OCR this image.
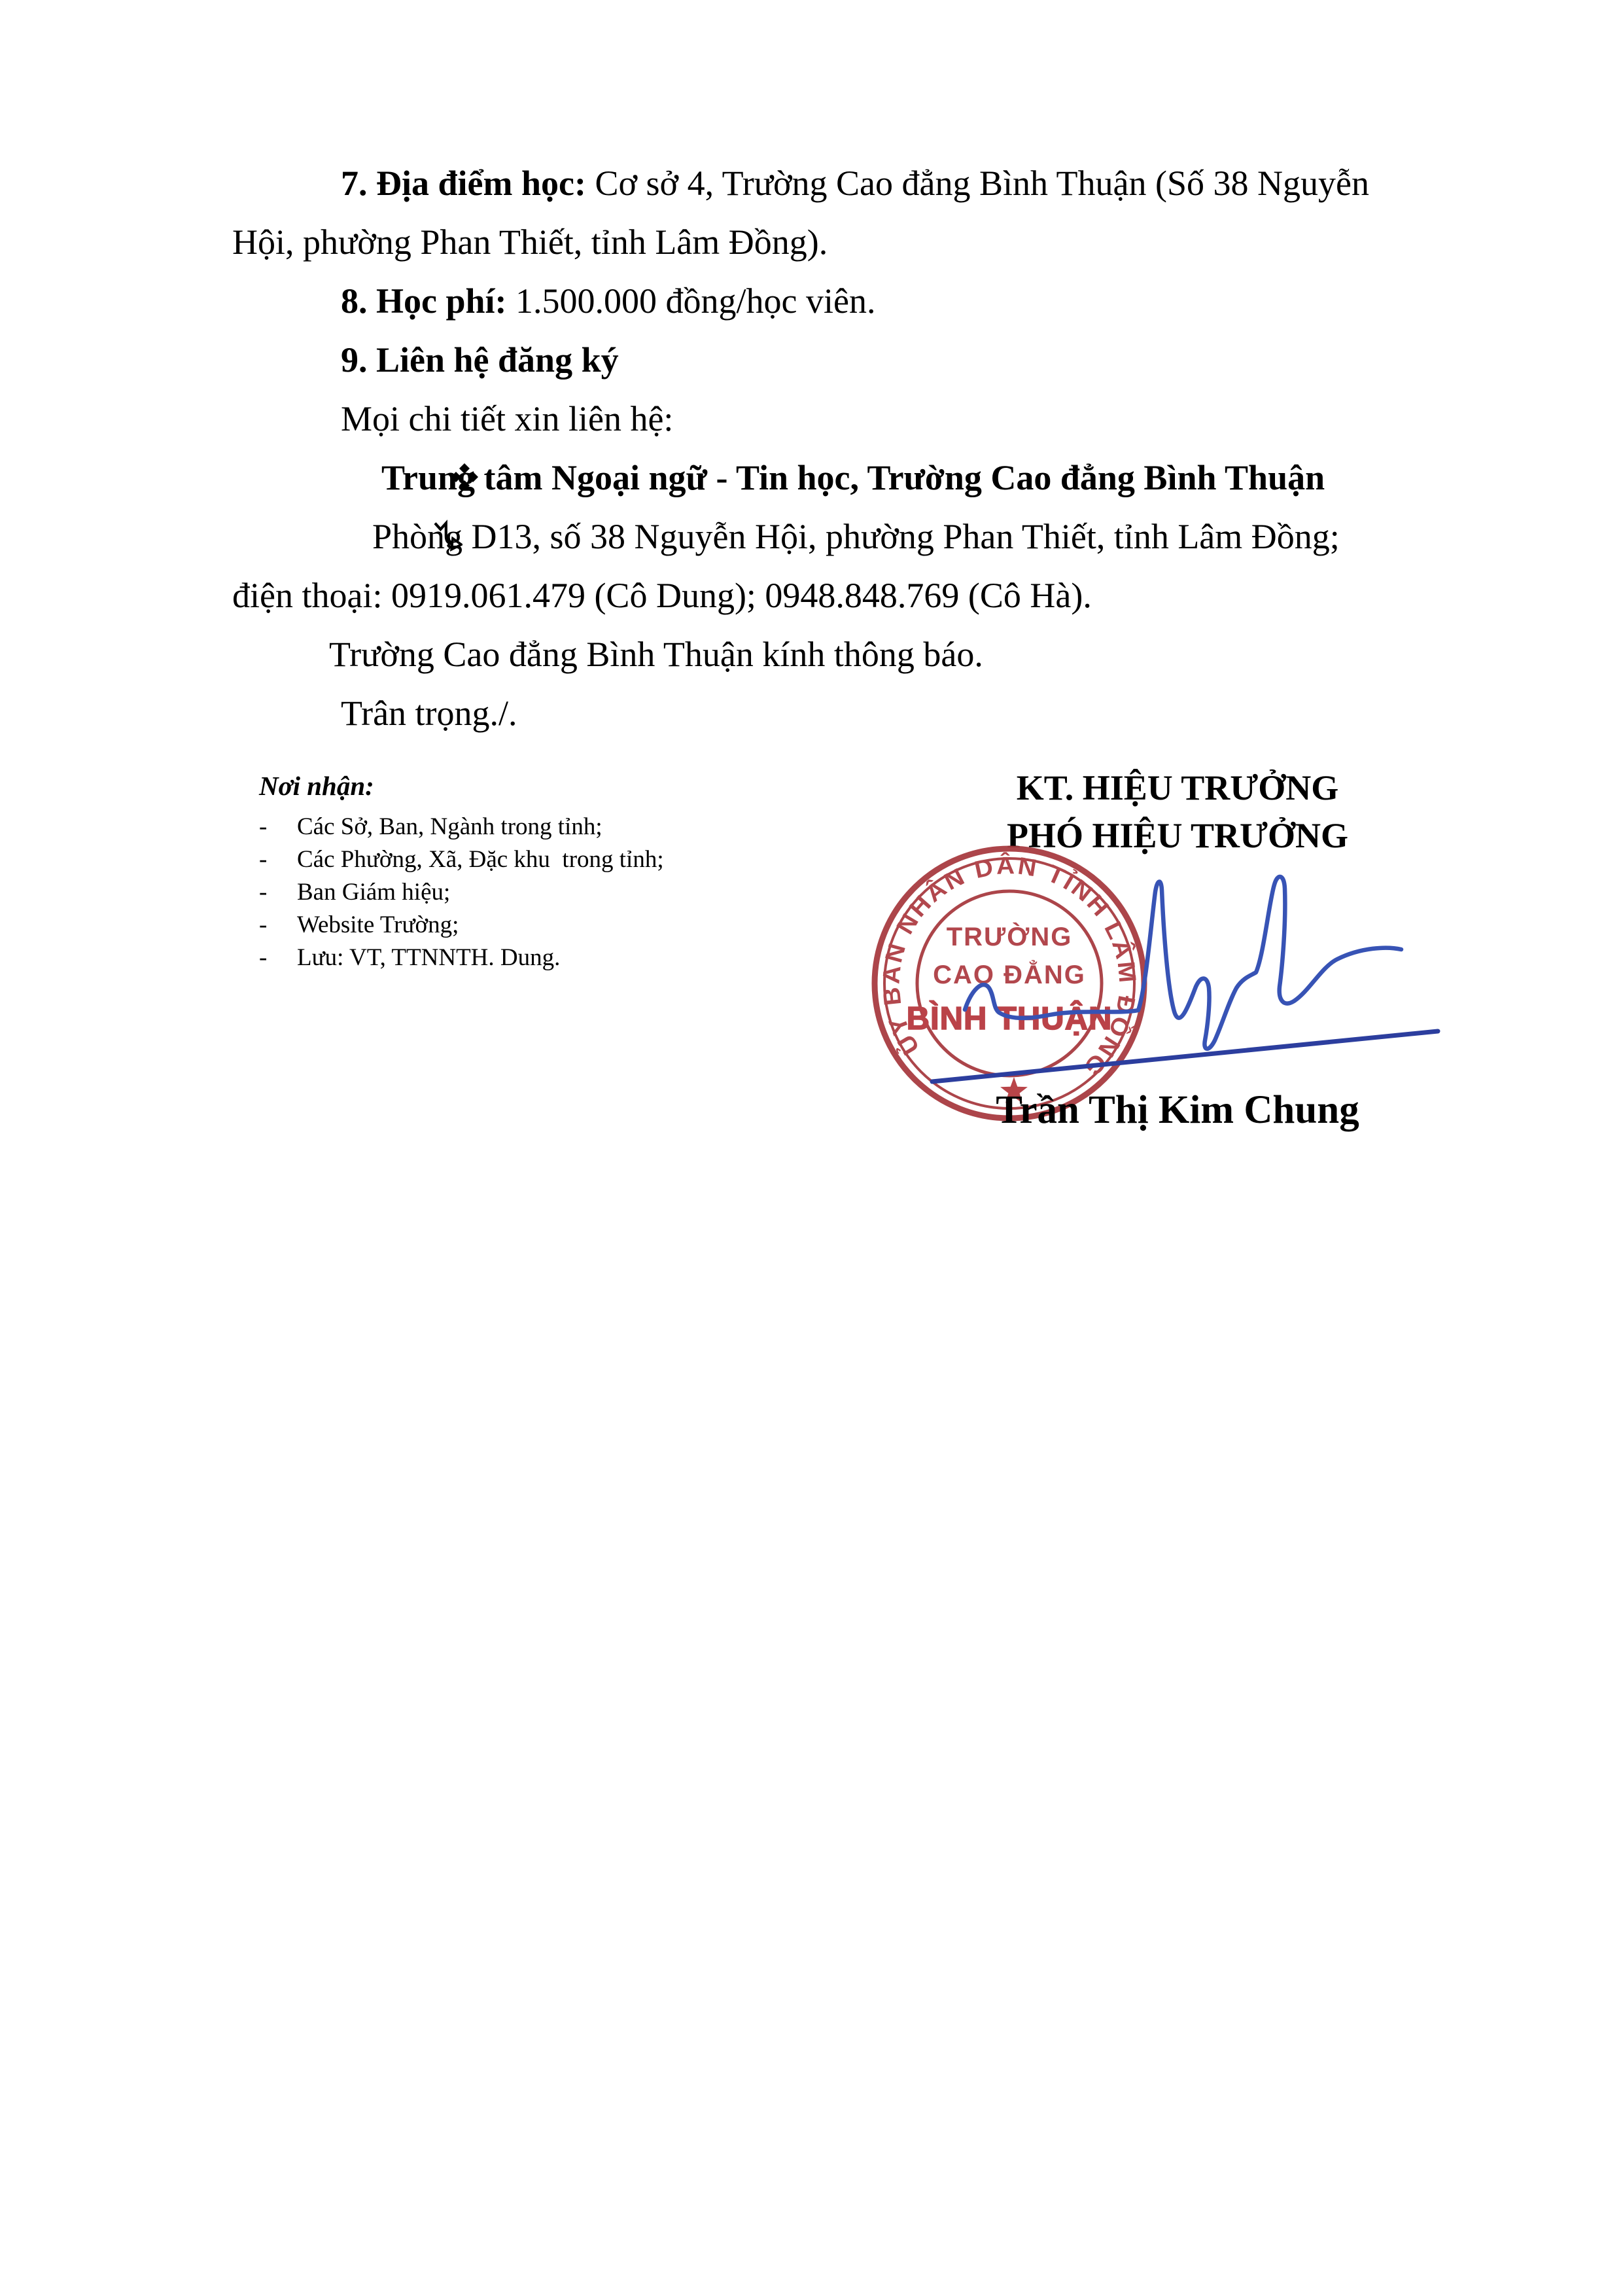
7. Địa điểm học: Cơ sở 4, Trường Cao đẳng Bình Thuận (Số 38 Nguyễn
Hội, phường Phan Thiết, tỉnh Lâm Đồng).

8. Học phí: 1.500.000 đồng/học viên.

9. Liên hệ đăng ký

Mọi chi tiết xin liên hệ:

Trung tâm Ngoại ngữ - Tin học, Trường Cao đẳng Bình Thuận

Phòng D13, số 38 Nguyễn Hội, phường Phan Thiết, tỉnh Lâm Đồng;
điện thoại: 0919.061.479 (Cô Dung); 0948.848.769 (Cô Hà).

Trường Cao đẳng Bình Thuận kính thông báo.

Trân trọng./.

Nơi nhận:
-	Các Sở, Ban, Ngành trong tỉnh;
-	Các Phường, Xã, Đặc khu  trong tỉnh;
-	Ban Giám hiệu;
-	Website Trường;
-	Lưu: VT, TTNNTH. Dung.
KT. HIỆU TRƯỞNG
PHÓ HIỆU TRƯỞNG
ỦY BAN NHÂN DÂN TỈNH LÂM ĐỒNG
TRƯỜNG
CAO ĐẲNG
BÌNH THUẬN
Trần Thị Kim Chung
